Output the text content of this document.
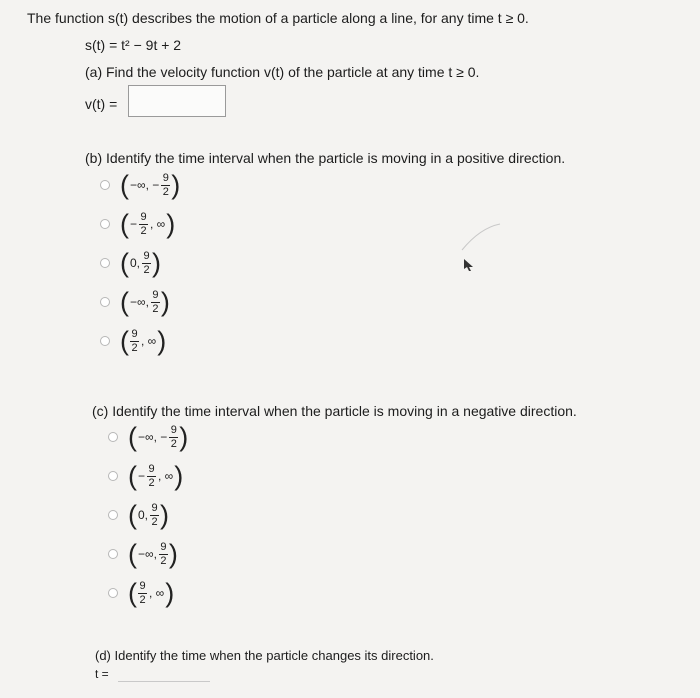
The function s(t) describes the motion of a particle along a line, for any time t ≥ 0.
s(t) = t² − 9t + 2
(a) Find the velocity function v(t) of the particle at any time t ≥ 0.
v(t) =
(b) Identify the time interval when the particle is moving in a positive direction.
( −∞, − $\frac{9}{2}$ )
( − $\frac{9}{2}$ , ∞ )
( 0, $\frac{9}{2}$ )
( −∞, $\frac{9}{2}$ )
( $\frac{9}{2}$ , ∞ )
(c) Identify the time interval when the particle is moving in a negative direction.
( −∞, − $\frac{9}{2}$ )
( − $\frac{9}{2}$ , ∞ )
( 0, $\frac{9}{2}$ )
( −∞, $\frac{9}{2}$ )
( $\frac{9}{2}$ , ∞ )
(d) Identify the time when the particle changes its direction.
t =
